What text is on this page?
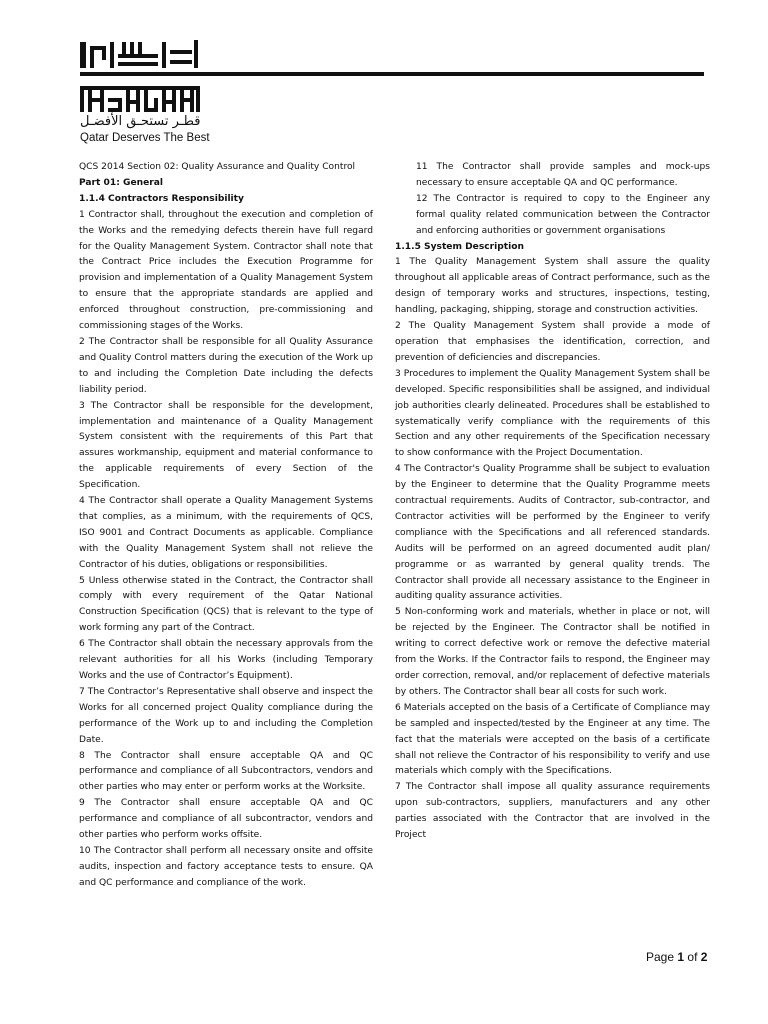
قطـر تستحـق الأفضـل
Qatar Deserves The Best

QCS 2014 Section 02: Quality Assurance and Quality Control

Part 01: General

1.1.4 Contractors Responsibility

1 Contractor shall, throughout the execution and completion of the Works and the remedying defects therein have full regard for the Quality Management System. Contractor shall note that the Contract Price includes the Execution Programme for provision and implementation of a Quality Management System to ensure that the appropriate standards are applied and enforced throughout construction, pre-commissioning and commissioning stages of the Works.

2 The Contractor shall be responsible for all Quality Assurance and Quality Control matters during the execution of the Work up to and including the Completion Date including the defects liability period.

3 The Contractor shall be responsible for the development, implementation and maintenance of a Quality Management System consistent with the requirements of this Part that assures workmanship, equipment and material conformance to the applicable requirements of every Section of the Specification.

4 The Contractor shall operate a Quality Management Systems that complies, as a minimum, with the requirements of QCS, ISO 9001 and Contract Documents as applicable. Compliance with the Quality Management System shall not relieve the Contractor of his duties, obligations or responsibilities.

5 Unless otherwise stated in the Contract, the Contractor shall comply with every requirement of the Qatar National Construction Specification (QCS) that is relevant to the type of work forming any part of the Contract.

6 The Contractor shall obtain the necessary approvals from the relevant authorities for all his Works (including Temporary Works and the use of Contractor’s Equipment).

7 The Contractor’s Representative shall observe and inspect the Works for all concerned project Quality compliance during the performance of the Work up to and including the Completion Date.

8 The Contractor shall ensure acceptable QA and QC performance and compliance of all Subcontractors, vendors and other parties who may enter or perform works at the Worksite.

9 The Contractor shall ensure acceptable QA and QC performance and compliance of all subcontractor, vendors and other parties who perform works offsite.

10 The Contractor shall perform all necessary onsite and offsite audits, inspection and factory acceptance tests to ensure. QA and QC performance and compliance of the work.

11 The Contractor shall provide samples and mock-ups necessary to ensure acceptable QA and QC performance.

12 The Contractor is required to copy to the Engineer any formal quality related communication between the Contractor and enforcing authorities or government organisations

1.1.5 System Description

1 The Quality Management System shall assure the quality throughout all applicable areas of Contract performance, such as the design of temporary works and structures, inspections, testing, handling, packaging, shipping, storage and construction activities.

2 The Quality Management System shall provide a mode of operation that emphasises the identification, correction, and prevention of deficiencies and discrepancies.

3 Procedures to implement the Quality Management System shall be developed. Specific responsibilities shall be assigned, and individual job authorities clearly delineated. Procedures shall be established to systematically verify compliance with the requirements of this Section and any other requirements of the Specification necessary to show conformance with the Project Documentation.

4 The Contractor's Quality Programme shall be subject to evaluation by the Engineer to determine that the Quality Programme meets contractual requirements. Audits of Contractor, sub-contractor, and Contractor activities will be performed by the Engineer to verify compliance with the Specifications and all referenced standards. Audits will be performed on an agreed documented audit plan/ programme or as warranted by general quality trends. The Contractor shall provide all necessary assistance to the Engineer in auditing quality assurance activities.

5 Non-conforming work and materials, whether in place or not, will be rejected by the Engineer. The Contractor shall be notified in writing to correct defective work or remove the defective material from the Works. If the Contractor fails to respond, the Engineer may order correction, removal, and/or replacement of defective materials by others. The Contractor shall bear all costs for such work.

6 Materials accepted on the basis of a Certificate of Compliance may be sampled and inspected/tested by the Engineer at any time. The fact that the materials were accepted on the basis of a certificate shall not relieve the Contractor of his responsibility to verify and use materials which comply with the Specifications.

7 The Contractor shall impose all quality assurance requirements upon sub-contractors, suppliers, manufacturers and any other parties associated with the Contractor that are involved in the Project

Page 1 of 2
